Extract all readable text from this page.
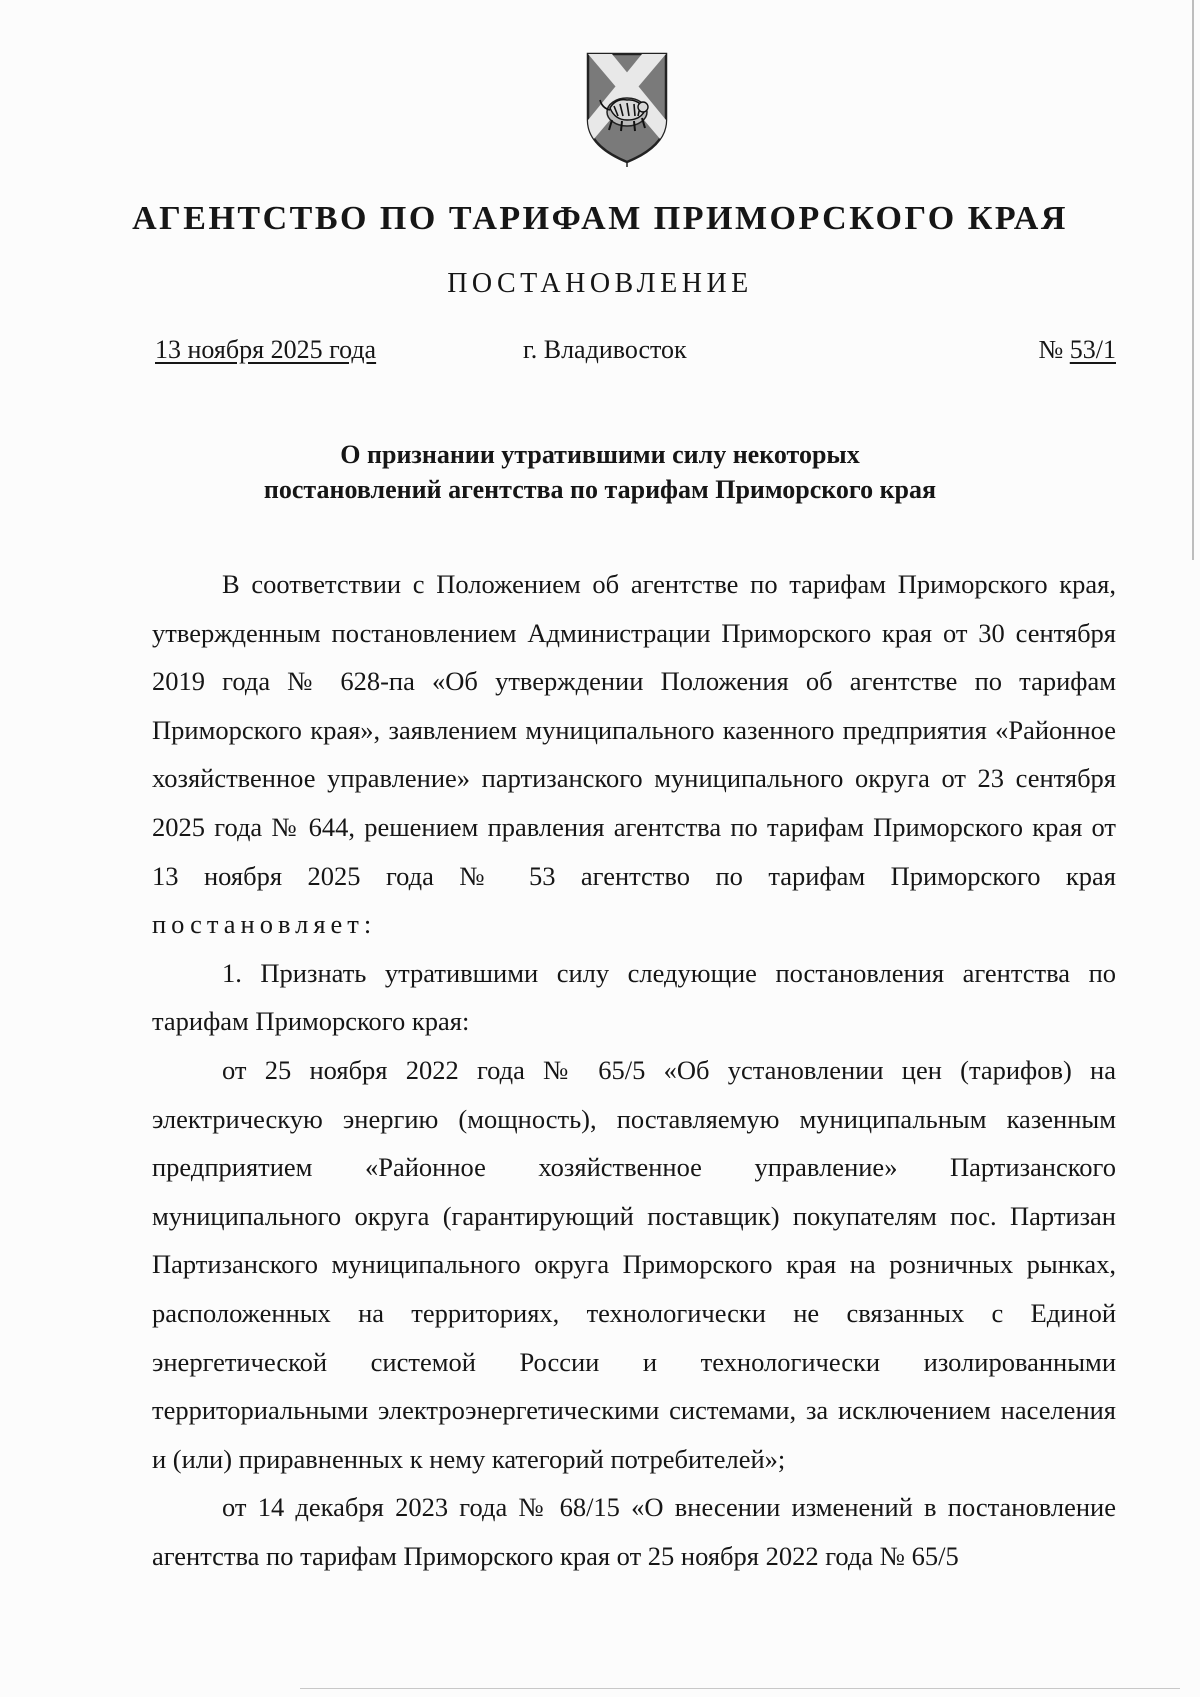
АГЕНТСТВО ПО ТАРИФАМ ПРИМОРСКОГО КРАЯ

ПОСТАНОВЛЕНИЕ

13 ноября 2025 года	г. Владивосток	№ 53/1

О признании утратившими силу некоторых
постановлений агентства по тарифам Приморского края

В соответствии с Положением об агентстве по тарифам Приморского края, утвержденным постановлением Администрации Приморского края от 30 сентября 2019 года № 628-па «Об утверждении Положения об агентстве по тарифам Приморского края», заявлением муниципального казенного предприятия «Районное хозяйственное управление» партизанского муниципального округа от 23 сентября 2025 года № 644, решением правления агентства по тарифам Приморского края от 13 ноября 2025 года № 53 агентство по тарифам Приморского края постановляет:

1. Признать утратившими силу следующие постановления агентства по тарифам Приморского края:

от 25 ноября 2022 года № 65/5 «Об установлении цен (тарифов) на электрическую энергию (мощность), поставляемую муниципальным казенным предприятием «Районное хозяйственное управление» Партизанского муниципального округа (гарантирующий поставщик) покупателям пос. Партизан Партизанского муниципального округа Приморского края на розничных рынках, расположенных на территориях, технологически не связанных с Единой энергетической системой России и технологически изолированными территориальными электроэнергетическими системами, за исключением населения и (или) приравненных к нему категорий потребителей»;

от 14 декабря 2023 года № 68/15 «О внесении изменений в постановление агентства по тарифам Приморского края от 25 ноября 2022 года № 65/5
